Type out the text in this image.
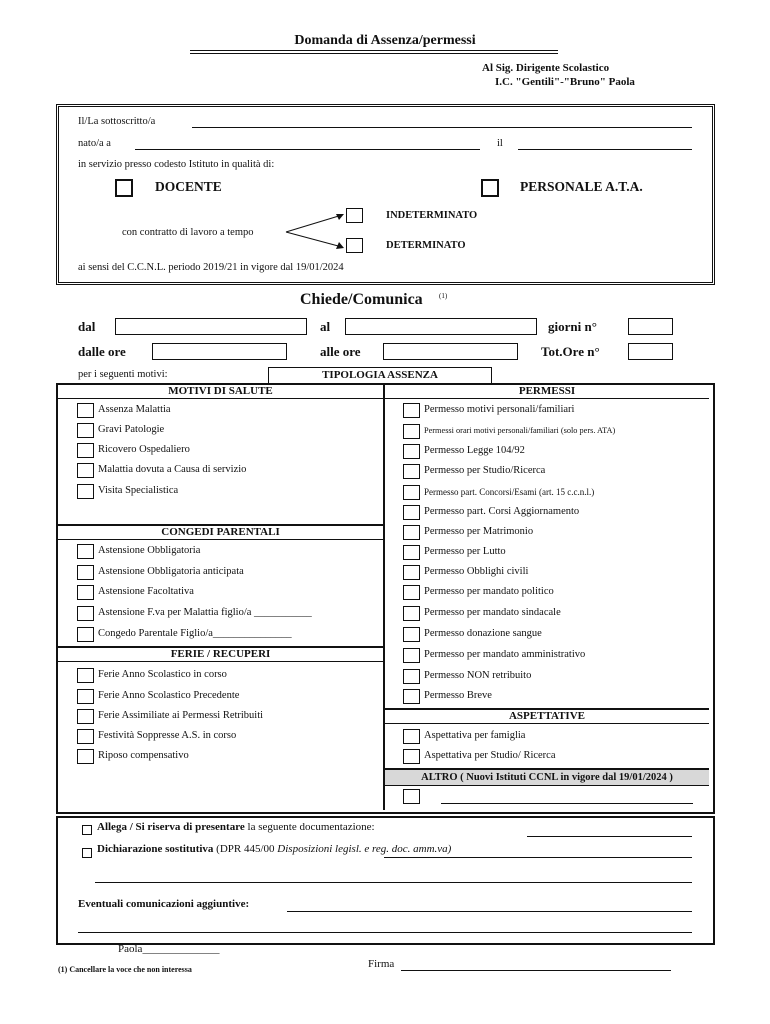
Domanda di Assenza/permessi
Al Sig. Dirigente Scolastico
I.C. "Gentili"-"Bruno" Paola
Il/La sottoscritto/a
nato/a a	il
in servizio presso codesto Istituto in qualità di:
DOCENTE	PERSONALE A.T.A.
con contratto di lavoro a tempo
INDETERMINATO
DETERMINATO
ai sensi del C.C.N.L. periodo 2019/21 in vigore dal 19/01/2024
Chiede/Comunica (1)
dal	al	giorni n°
dalle ore	alle ore	Tot.Ore n°
per i seguenti motivi:	TIPOLOGIA ASSENZA
MOTIVI DI SALUTE
Assenza Malattia
Gravi Patologie
Ricovero Ospedaliero
Malattia dovuta a Causa di servizio
Visita Specialistica
CONGEDI PARENTALI
Astensione Obbligatoria
Astensione Obbligatoria anticipata
Astensione Facoltativa
Astensione F.va per Malattia figlio/a ___________
Congedo Parentale Figlio/a_______________
FERIE / RECUPERI
Ferie Anno Scolastico in corso
Ferie Anno Scolastico Precedente
Ferie Assimiliate ai Permessi Retribuiti
Festività Soppresse A.S. in corso
Riposo compensativo
PERMESSI
Permesso motivi personali/familiari
Permessi orari motivi personali/familiari (solo pers. ATA)
Permesso Legge 104/92
Permesso per Studio/Ricerca
Permesso part. Concorsi/Esami (art. 15 c.c.n.l.)
Permesso part. Corsi Aggiornamento
Permesso per Matrimonio
Permesso per Lutto
Permesso Obblighi civili
Permesso per mandato politico
Permesso per mandato sindacale
Permesso donazione sangue
Permesso per mandato amministrativo
Permesso NON retribuito
Permesso Breve
ASPETTATIVE
Aspettativa per famiglia
Aspettativa per Studio/ Ricerca
ALTRO ( Nuovi Istituti CCNL in vigore dal 19/01/2024 )
Allega / Si riserva di presentare la seguente documentazione:
Dichiarazione sostitutiva (DPR 445/00 Disposizioni legisl. e reg. doc. amm.va)
Eventuali comunicazioni aggiuntive:
Paola______________
Firma
(1) Cancellare la voce che non interessa
